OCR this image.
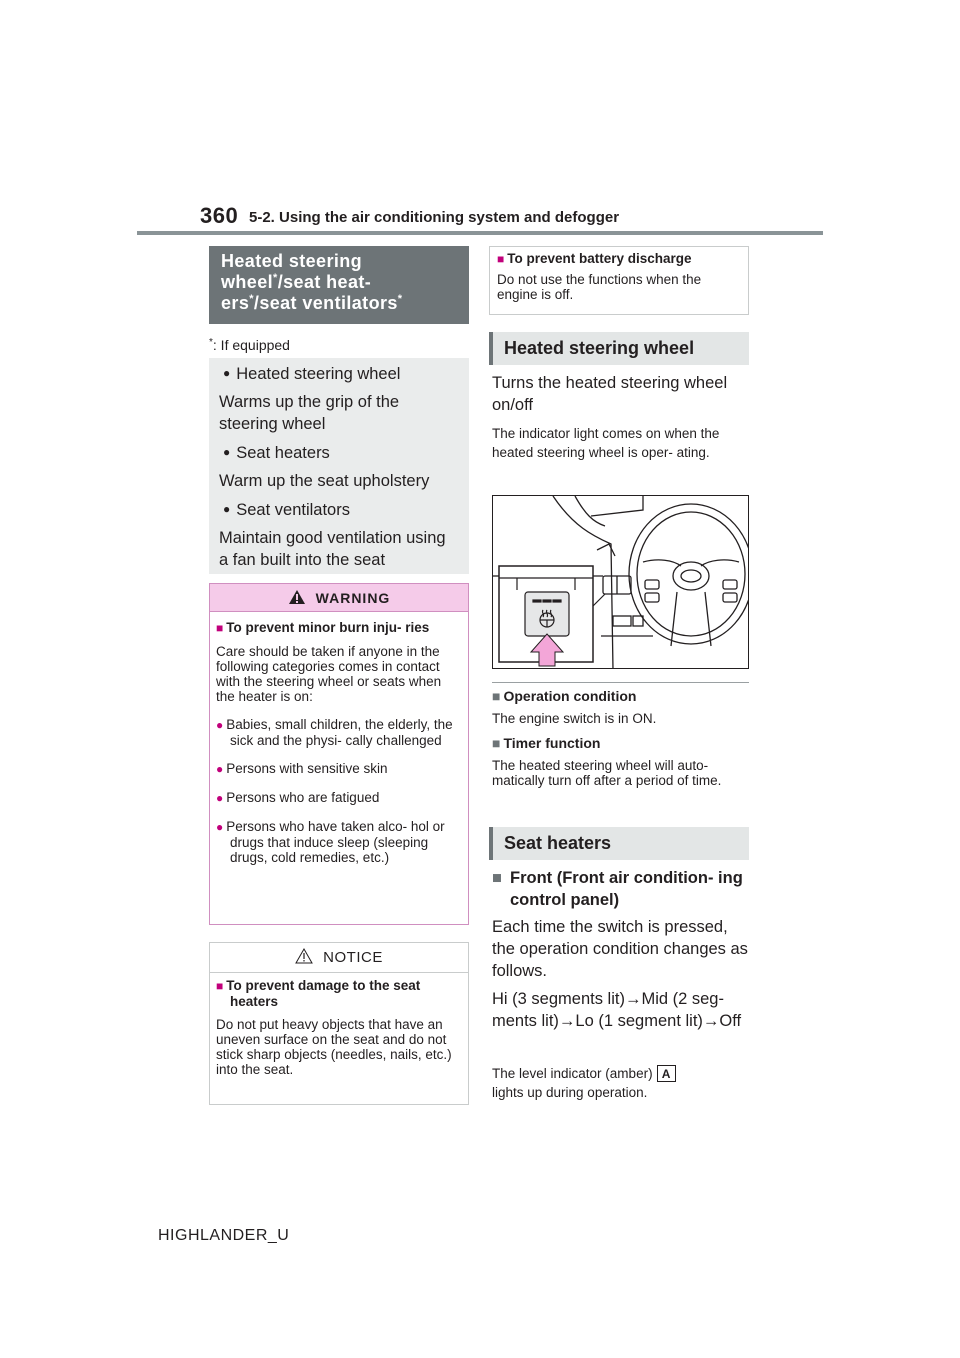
360 5-2. Using the air conditioning system and defogger
Heated steering
wheel*/seat heat-
ers*/seat ventilators*
*: If equipped
● Heated steering wheel
Warms up the grip of the steering wheel
● Seat heaters
Warm up the seat upholstery
● Seat ventilators
Maintain good ventilation using a fan built into the seat
WARNING
■ To prevent minor burn inju- ries

Care should be taken if anyone in the following categories comes in contact with the steering wheel or seats when the heater is on:

● Babies, small children, the elderly, the sick and the physi- cally challenged
● Persons with sensitive skin
● Persons who are fatigued
● Persons who have taken alco- hol or drugs that induce sleep (sleeping drugs, cold remedies, etc.)
NOTICE
■ To prevent damage to the seat heaters

Do not put heavy objects that have an uneven surface on the seat and do not stick sharp objects (needles, nails, etc.) into the seat.

■ To prevent battery discharge

Do not use the functions when the engine is off.

Heated steering wheel
Turns the heated steering wheel on/off
The indicator light comes on when the heated steering wheel is oper- ating.
■ Operation condition
The engine switch is in ON.
■ Timer function
The heated steering wheel will auto- matically turn off after a period of time.
Seat heaters
■ Front (Front air condition- ing control panel)
Each time the switch is pressed, the operation condition changes as follows.
Hi (3 segments lit)→Mid (2 seg- ments lit)→Lo (1 segment lit)→Off
The level indicator (amber) A
lights up during operation.
HIGHLANDER_U
